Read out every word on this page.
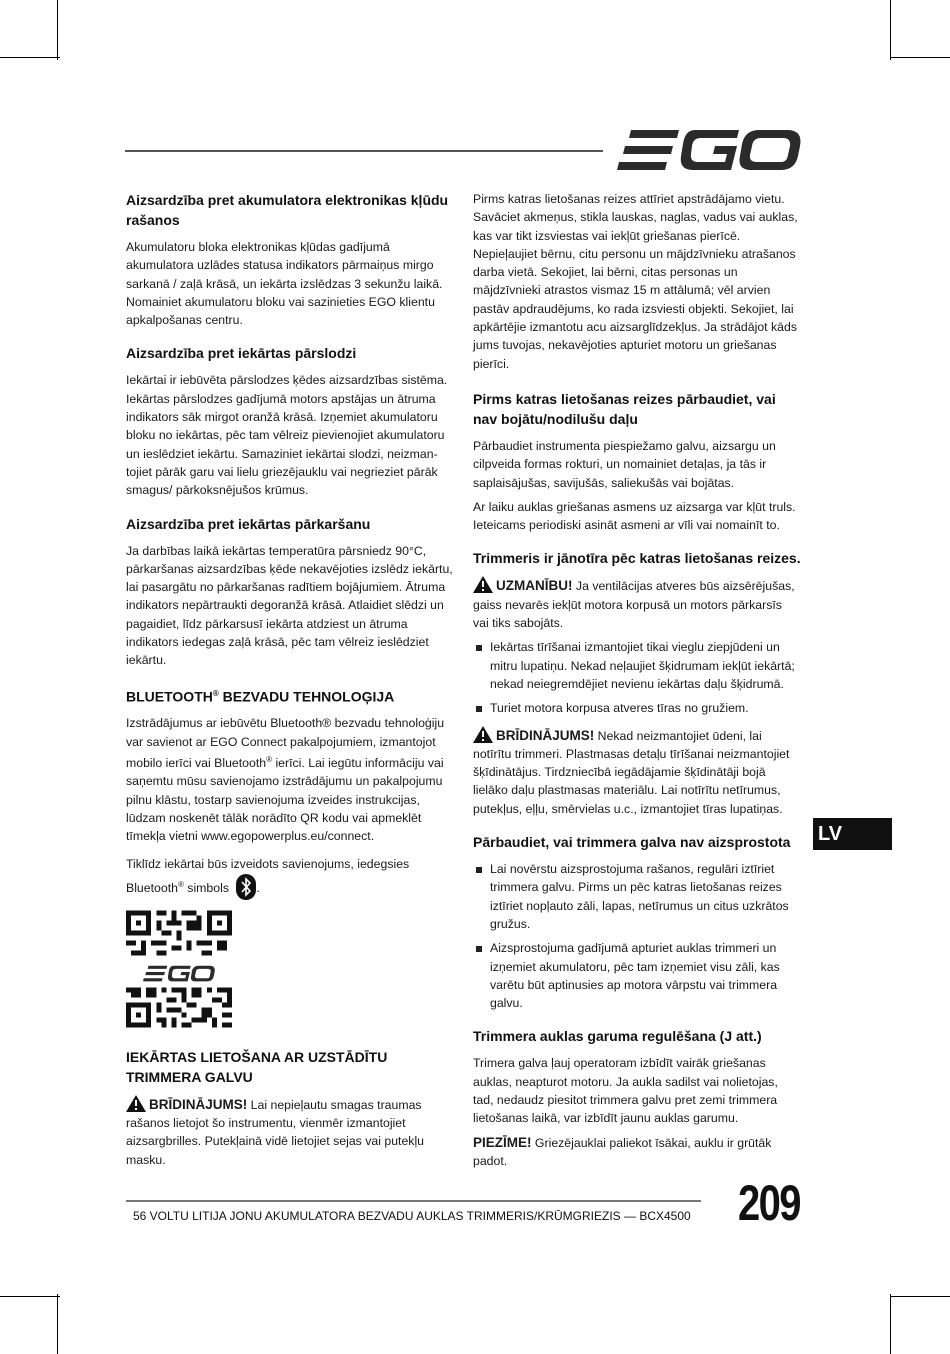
Aizsardzība pret akumulatora elektronikas kļūdu rašanos

Akumulatoru bloka elektronikas kļūdas gadījumā akumulatora uzlādes statusa indikators pārmaiņus mirgo sarkanā / zaļā krāsā, un iekārta izslēdzas 3 sekunžu laikā. Nomainiet akumulatoru bloku vai sazinieties EGO klientu apkalpošanas centru.

Aizsardzība pret iekārtas pārslodzi

Iekārtai ir iebūvēta pārslodzes ķēdes aizsardzības sistēma. Iekārtas pārslodzes gadījumā motors apstājas un ātruma indikators sāk mirgot oranžā krāsā. Izņemiet akumulatoru bloku no iekārtas, pēc tam vēlreiz pievienojiet akumulatoru un ieslēdziet iekārtu. Samaziniet iekārtai slodzi, neizman-tojiet pārāk garu vai lielu griezējauklu vai negrieziet pārāk smagus/ pārkoksnējušos krūmus.

Aizsardzība pret iekārtas pārkaršanu

Ja darbības laikā iekārtas temperatūra pārsniedz 90°C, pārkaršanas aizsardzības ķēde nekavējoties izslēdz iekārtu, lai pasargātu no pārkaršanas radītiem bojājumiem. Ātruma indikators nepārtraukti degoranžā krāsā. Atlaidiet slēdzi un pagaidiet, līdz pārkarsusī iekārta atdziest un ātruma indikators iedegas zaļā krāsā, pēc tam vēlreiz ieslēdziet iekārtu.

BLUETOOTH® BEZVADU TEHNOLOĢIJA

Izstrādājumus ar iebūvētu Bluetooth® bezvadu tehnoloģiju var savienot ar EGO Connect pakalpojumiem, izmantojot mobilo ierīci vai Bluetooth® ierīci. Lai iegūtu informāciju vai saņemtu mūsu savienojamo izstrādājumu un pakalpojumu pilnu klāstu, tostarp savienojuma izveides instrukcijas, lūdzam noskenēt tālāk norādīto QR kodu vai apmeklēt tīmekļa vietni www.egopowerplus.eu/connect.

Tiklīdz iekārtai būs izveidots savienojums, iedegsies Bluetooth® simbols .

IEKĀRTAS LIETOŠANA AR UZSTĀDĪTU TRIMMERA GALVU

BRĪDINĀJUMS! Lai nepieļautu smagas traumas rašanos lietojot šo instrumentu, vienmēr izmantojiet aizsargbrilles. Putekļainā vidē lietojiet sejas vai putekļu masku.

Pirms katras lietošanas reizes attīriet apstrādājamo vietu. Savāciet akmeņus, stikla lauskas, naglas, vadus vai auklas, kas var tikt izsviestas vai iekļūt griešanas pierīcē. Nepieļaujiet bērnu, citu personu un mājdzīvnieku atrašanos darba vietā. Sekojiet, lai bērni, citas personas un mājdzīvnieki atrastos vismaz 15 m attālumā; vēl arvien pastāv apdraudējums, ko rada izsviesti objekti. Sekojiet, lai apkārtējie izmantotu acu aizsarglīdzekļus. Ja strādājot kāds jums tuvojas, nekavējoties apturiet motoru un griešanas pierīci.

Pirms katras lietošanas reizes pārbaudiet, vai nav bojātu/nodilušu daļu

Pārbaudiet instrumenta piespiežamo galvu, aizsargu un cilpveida formas rokturi, un nomainiet detaļas, ja tās ir saplaisājušas, savijušās, saliekušās vai bojātas.

Ar laiku auklas griešanas asmens uz aizsarga var kļūt truls. Ieteicams periodiski asināt asmeni ar vīli vai nomainīt to.

Trimmeris ir jānotīra pēc katras lietošanas reizes.

UZMANĪBU! Ja ventilācijas atveres būs aizsērējušas, gaiss nevarēs iekļūt motora korpusā un motors pārkarsīs vai tiks sabojāts.

Iekārtas tīrīšanai izmantojiet tikai vieglu ziepjūdeni un mitru lupatiņu. Nekad neļaujiet šķidrumam iekļūt iekārtā; nekad neiegremdējiet nevienu iekārtas daļu šķidrumā.
Turiet motora korpusa atveres tīras no gružiem.

BRĪDINĀJUMS! Nekad neizmantojiet ūdeni, lai notīrītu trimmeri. Plastmasas detaļu tīrīšanai neizmantojiet šķīdinātājus. Tirdzniecībā iegādājamie šķīdinātāji bojā lielāko daļu plastmasas materiālu. Lai notīrītu netīrumus, putekļus, eļļu, smērvielas u.c., izmantojiet tīras lupatiņas.

Pārbaudiet, vai trimmera galva nav aizsprostota
Lai novērstu aizsprostojuma rašanos, regulāri iztīriet trimmera galvu. Pirms un pēc katras lietošanas reizes iztīriet nopļauto zāli, lapas, netīrumus un citus uzkrātos gružus.
Aizsprostojuma gadījumā apturiet auklas trimmeri un izņemiet akumulatoru, pēc tam izņemiet visu zāli, kas varētu būt aptinusies ap motora vārpstu vai trimmera galvu.
Trimmera auklas garuma regulēšana (J att.)

Trimera galva ļauj operatoram izbīdīt vairāk griešanas auklas, neapturot motoru. Ja aukla sadilst vai nolietojas, tad, nedaudz piesitot trimmera galvu pret zemi trimmera lietošanas laikā, var izbīdīt jaunu auklas garumu.

PIEZĪME! Griezējauklai paliekot īsākai, auklu ir grūtāk padot.

LV
56 VOLTU LITIJA JONU AKUMULATORA BEZVADU AUKLAS TRIMMERIS/KRŪMGRIEZIS — BCX4500 209
